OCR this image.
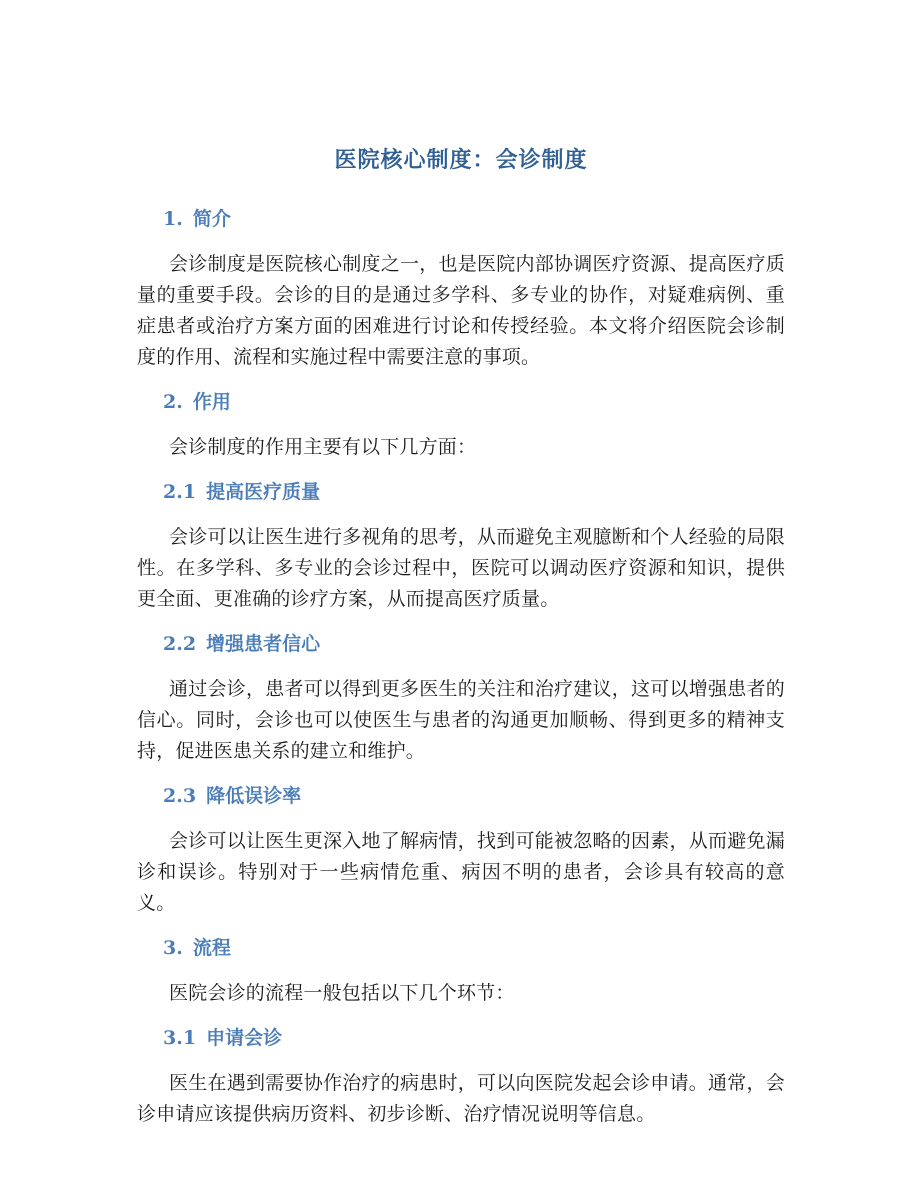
医院核心制度：会诊制度
1. 简介

会诊制度是医院核心制度之一，也是医院内部协调医疗资源、提高医疗质量的重要手段。会诊的目的是通过多学科、多专业的协作，对疑难病例、重症患者或治疗方案方面的困难进行讨论和传授经验。本文将介绍医院会诊制度的作用、流程和实施过程中需要注意的事项。

2. 作用

会诊制度的作用主要有以下几方面：

2.1 提高医疗质量

会诊可以让医生进行多视角的思考，从而避免主观臆断和个人经验的局限性。在多学科、多专业的会诊过程中，医院可以调动医疗资源和知识，提供更全面、更准确的诊疗方案，从而提高医疗质量。

2.2 增强患者信心

通过会诊，患者可以得到更多医生的关注和治疗建议，这可以增强患者的信心。同时，会诊也可以使医生与患者的沟通更加顺畅、得到更多的精神支持，促进医患关系的建立和维护。

2.3 降低误诊率

会诊可以让医生更深入地了解病情，找到可能被忽略的因素，从而避免漏诊和误诊。特别对于一些病情危重、病因不明的患者，会诊具有较高的意义。

3. 流程

医院会诊的流程一般包括以下几个环节：

3.1 申请会诊

医生在遇到需要协作治疗的病患时，可以向医院发起会诊申请。通常，会诊申请应该提供病历资料、初步诊断、治疗情况说明等信息。
